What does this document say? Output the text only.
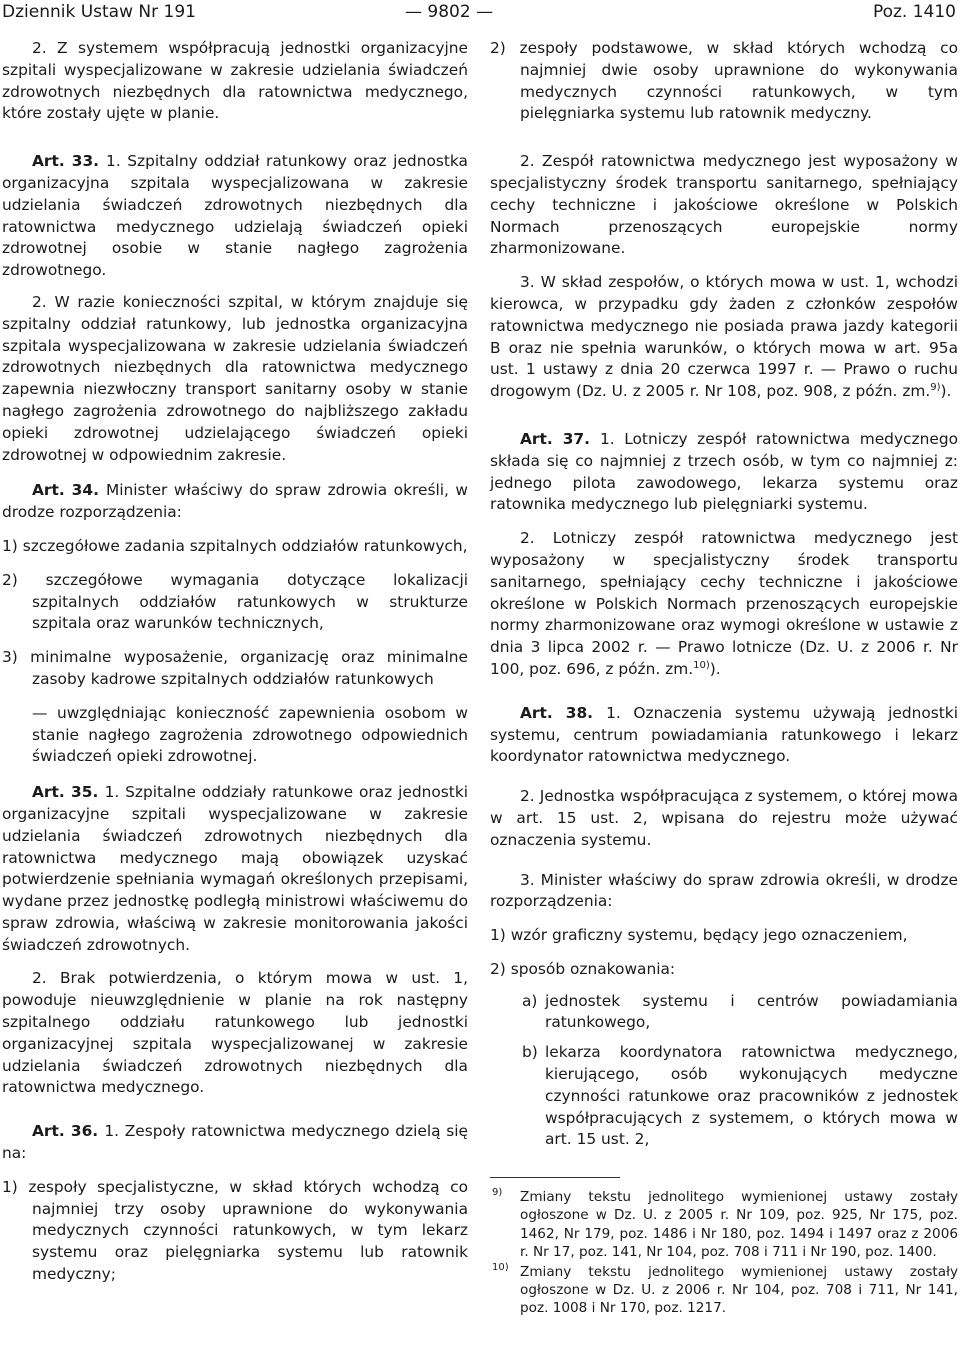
Dziennik Ustaw Nr 191	— 9802 —	Poz. 1410

2. Z systemem współpracują jednostki organizacyjne szpitali wyspecjalizowane w zakresie udzielania świadczeń zdrowotnych niezbędnych dla ratownictwa medycznego, które zostały ujęte w planie.

Art. 33. 1. Szpitalny oddział ratunkowy oraz jednostka organizacyjna szpitala wyspecjalizowana w zakresie udzielania świadczeń zdrowotnych niezbędnych dla ratownictwa medycznego udzielają świadczeń opieki zdrowotnej osobie w stanie nagłego zagrożenia zdrowotnego.

2. W razie konieczności szpital, w którym znajduje się szpitalny oddział ratunkowy, lub jednostka organizacyjna szpitala wyspecjalizowana w zakresie udzielania świadczeń zdrowotnych niezbędnych dla ratownictwa medycznego zapewnia niezwłoczny transport sanitarny osoby w stanie nagłego zagrożenia zdrowotnego do najbliższego zakładu opieki zdrowotnej udzielającego świadczeń opieki zdrowotnej w odpowiednim zakresie.

Art. 34. Minister właściwy do spraw zdrowia określi, w drodze rozporządzenia:

1) szczegółowe zadania szpitalnych oddziałów ratunkowych,

2) szczegółowe wymagania dotyczące lokalizacji szpitalnych oddziałów ratunkowych w strukturze szpitala oraz warunków technicznych,

3) minimalne wyposażenie, organizację oraz minimalne zasoby kadrowe szpitalnych oddziałów ratunkowych

— uwzględniając konieczność zapewnienia osobom w stanie nagłego zagrożenia zdrowotnego odpowiednich świadczeń opieki zdrowotnej.

Art. 35. 1. Szpitalne oddziały ratunkowe oraz jednostki organizacyjne szpitali wyspecjalizowane w zakresie udzielania świadczeń zdrowotnych niezbędnych dla ratownictwa medycznego mają obowiązek uzyskać potwierdzenie spełniania wymagań określonych przepisami, wydane przez jednostkę podległą ministrowi właściwemu do spraw zdrowia, właściwą w zakresie monitorowania jakości świadczeń zdrowotnych.

2. Brak potwierdzenia, o którym mowa w ust. 1, powoduje nieuwzględnienie w planie na rok następny szpitalnego oddziału ratunkowego lub jednostki organizacyjnej szpitala wyspecjalizowanej w zakresie udzielania świadczeń zdrowotnych niezbędnych dla ratownictwa medycznego.

Art. 36. 1. Zespoły ratownictwa medycznego dzielą się na:

1) zespoły specjalistyczne, w skład których wchodzą co najmniej trzy osoby uprawnione do wykonywania medycznych czynności ratunkowych, w tym lekarz systemu oraz pielęgniarka systemu lub ratownik medyczny;

2) zespoły podstawowe, w skład których wchodzą co najmniej dwie osoby uprawnione do wykonywania medycznych czynności ratunkowych, w tym pielęgniarka systemu lub ratownik medyczny.

2. Zespół ratownictwa medycznego jest wyposażony w specjalistyczny środek transportu sanitarnego, spełniający cechy techniczne i jakościowe określone w Polskich Normach przenoszących europejskie normy zharmonizowane.

3. W skład zespołów, o których mowa w ust. 1, wchodzi kierowca, w przypadku gdy żaden z członków zespołów ratownictwa medycznego nie posiada prawa jazdy kategorii B oraz nie spełnia warunków, o których mowa w art. 95a ust. 1 ustawy z dnia 20 czerwca 1997 r. — Prawo o ruchu drogowym (Dz. U. z 2005 r. Nr 108, poz. 908, z późn. zm.$^{9)}$).

Art. 37. 1. Lotniczy zespół ratownictwa medycznego składa się co najmniej z trzech osób, w tym co najmniej z: jednego pilota zawodowego, lekarza systemu oraz ratownika medycznego lub pielęgniarki systemu.

2. Lotniczy zespół ratownictwa medycznego jest wyposażony w specjalistyczny środek transportu sanitarnego, spełniający cechy techniczne i jakościowe określone w Polskich Normach przenoszących europejskie normy zharmonizowane oraz wymogi określone w ustawie z dnia 3 lipca 2002 r. — Prawo lotnicze (Dz. U. z 2006 r. Nr 100, poz. 696, z późn. zm.$^{10)}$).

Art. 38. 1. Oznaczenia systemu używają jednostki systemu, centrum powiadamiania ratunkowego i lekarz koordynator ratownictwa medycznego.

2. Jednostka współpracująca z systemem, o której mowa w art. 15 ust. 2, wpisana do rejestru może używać oznaczenia systemu.

3. Minister właściwy do spraw zdrowia określi, w drodze rozporządzenia:

1) wzór graficzny systemu, będący jego oznaczeniem,

2) sposób oznakowania:

a) jednostek systemu i centrów powiadamiania ratunkowego,

b) lekarza koordynatora ratownictwa medycznego, kierującego, osób wykonujących medyczne czynności ratunkowe oraz pracowników z jednostek współpracujących z systemem, o których mowa w art. 15 ust. 2,

9) Zmiany tekstu jednolitego wymienionej ustawy zostały ogłoszone w Dz. U. z 2005 r. Nr 109, poz. 925, Nr 175, poz. 1462, Nr 179, poz. 1486 i Nr 180, poz. 1494 i 1497 oraz z 2006 r. Nr 17, poz. 141, Nr 104, poz. 708 i 711 i Nr 190, poz. 1400.

10) Zmiany tekstu jednolitego wymienionej ustawy zostały ogłoszone w Dz. U. z 2006 r. Nr 104, poz. 708 i 711, Nr 141, poz. 1008 i Nr 170, poz. 1217.
